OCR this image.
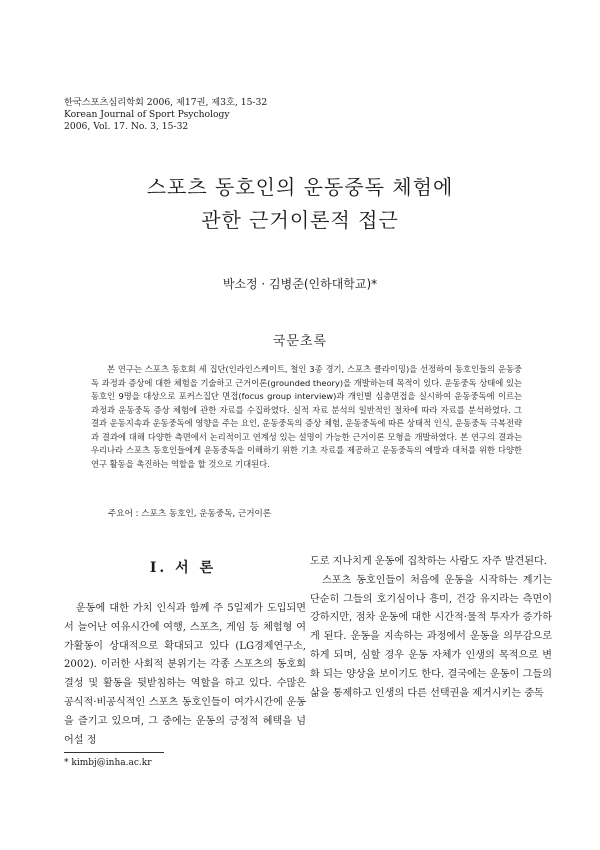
한국스포츠심리학회 2006, 제17권, 제3호, 15-32
Korean Journal of Sport Psychology
2006, Vol. 17. No. 3, 15-32
스포츠 동호인의 운동중독 체험에
관한 근거이론적 접근
박소정 · 김병준(인하대학교)*
국문초록

본 연구는 스포츠 동호회 세 집단(인라인스케이트, 철인 3종 경기, 스포츠 클라이밍)을 선정하여 동호인들의 운동중독 과정과 증상에 대한 체험을 기술하고 근거이론(grounded theory)을 개발하는데 목적이 있다. 운동중독 상태에 있는 동호인 9명을 대상으로 포커스집단 면접(focus group interview)과 개인별 심층면접을 실시하여 운동중독에 이르는 과정과 운동중독 증상 체험에 관한 자료를 수집하였다. 실적 자료 분석의 일반적인 절차에 따라 자료를 분석하였다. 그 결과 운동지속과 운동중독에 영향을 주는 요인, 운동중독의 증상 체험, 운동중독에 따른 상태적 인식, 운동중독 극복전략과 결과에 대해 다양한 측면에서 논리적이고 연계성 있는 설명이 가능한 근거이론 모형을 개발하였다. 본 연구의 결과는 우리나라 스포츠 동호인들에게 운동중독을 이해하기 위한 기초 자료를 제공하고 운동중독의 예방과 대처를 위한 다양한 연구 활동을 촉진하는 역할을 할 것으로 기대된다.

주요어 : 스포츠 동호인, 운동중독, 근거이론
I. 서 론

운동에 대한 가치 인식과 함께 주 5일제가 도입되면서 늘어난 여유시간에 여행, 스포츠, 게임 등 체험형 여가활동이 상대적으로 확대되고 있다 (LG경제연구소, 2002). 이러한 사회적 분위기는 각종 스포츠의 동호회 결성 및 활동을 뒷받침하는 역할을 하고 있다. 수많은 공식적·비공식적인 스포츠 동호인들이 여가시간에 운동을 즐기고 있으며, 그 중에는 운동의 긍정적 혜택을 넘어설 정

도로 지나치게 운동에 집착하는 사람도 자주 발견된다.

스포츠 동호인들이 처음에 운동을 시작하는 계기는 단순히 그들의 호기심이나 흥미, 건강 유지라는 측면이 강하지만, 점차 운동에 대한 시간적·물적 투자가 증가하게 된다. 운동을 지속하는 과정에서 운동을 의무감으로 하게 되며, 심할 경우 운동 자체가 인생의 목적으로 변화 되는 양상을 보이기도 한다. 결국에는 운동이 그들의 삶을 통제하고 인생의 다른 선택권을 제거시키는 중독

* kimbj@inha.ac.kr
